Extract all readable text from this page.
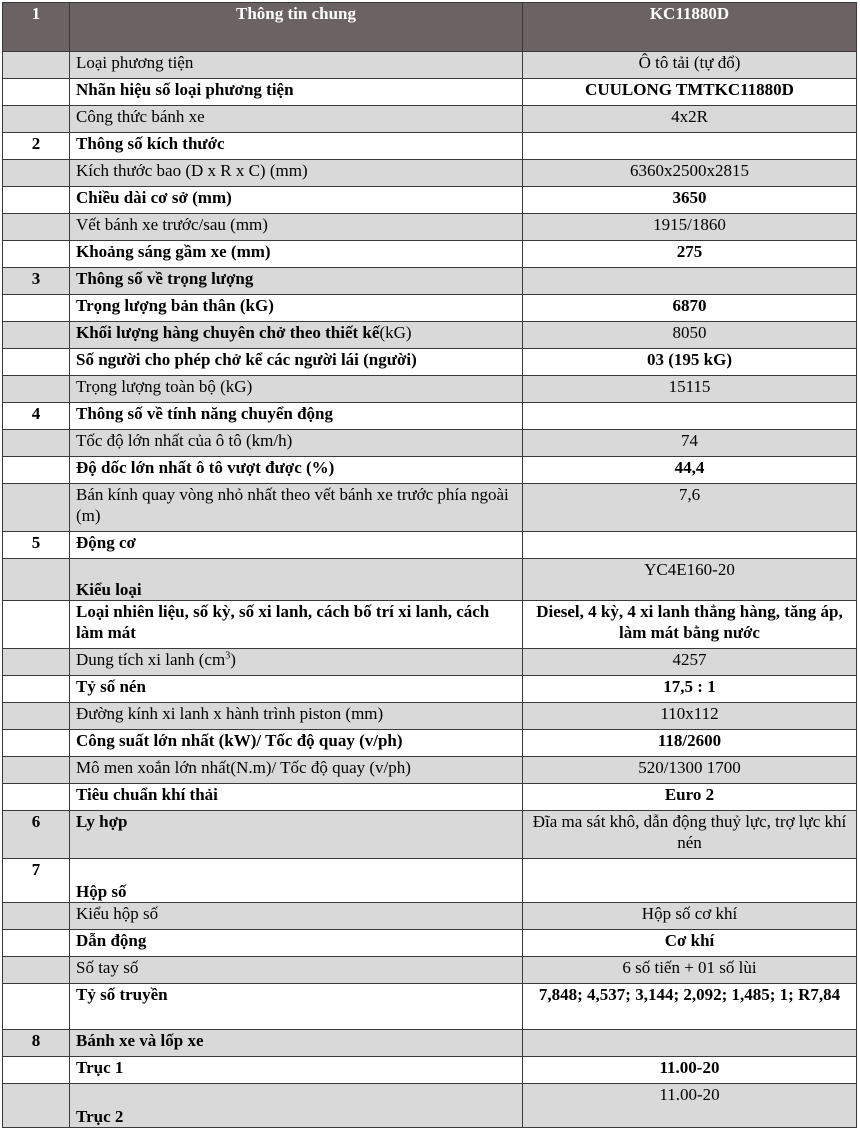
1	Thông tin chung	KC11880D
	Loại phương tiện	Ô tô tải (tự đổ)
	Nhãn hiệu số loại phương tiện	CUULONG TMTKC11880D
	Công thức bánh xe	4x2R
2	Thông số kích thước	
	Kích thước bao (D x R x C) (mm)	6360x2500x2815
	Chiều dài cơ sở (mm)	3650
	Vết bánh xe trước/sau (mm)	1915/1860
	Khoảng sáng gầm xe (mm)	275
3	Thông số về trọng lượng	
	Trọng lượng bản thân (kG)	6870
	Khối lượng hàng chuyên chở theo thiết kế(kG)	8050
	Số người cho phép chở kể các người lái (người)	03 (195 kG)
	Trọng lượng toàn bộ (kG)	15115
4	Thông số về tính năng chuyển động	
	Tốc độ lớn nhất của ô tô (km/h)	74
	Độ dốc lớn nhất ô tô vượt được (%)	44,4
	Bán kính quay vòng nhỏ nhất theo vết bánh xe trước phía ngoài (m)	7,6
5	Động cơ	
	Kiểu loại	YC4E160-20
	Loại nhiên liệu, số kỳ, số xi lanh, cách bố trí xi lanh, cách làm mát	Diesel, 4 kỳ, 4 xi lanh thẳng hàng, tăng áp, làm mát bằng nước
	Dung tích xi lanh $(cm^3)$	4257
	Tỷ số nén	17,5 : 1
	Đường kính xi lanh x hành trình piston (mm)	110x112
	Công suất lớn nhất (kW)/ Tốc độ quay (v/ph)	118/2600
	Mô men xoắn lớn nhất(N.m)/ Tốc độ quay (v/ph)	520/1300 1700
	Tiêu chuẩn khí thải	Euro 2
6	Ly hợp	Đĩa ma sát khô, dẫn động thuỷ lực, trợ lực khí nén
7	Hộp số	
	Kiểu hộp số	Hộp số cơ khí
	Dẫn động	Cơ khí
	Số tay số	6 số tiến + 01 số lùi
	Tỷ số truyền	7,848; 4,537; 3,144; 2,092; 1,485; 1; R7,84
8	Bánh xe và lốp xe	
	Trục 1	11.00-20
	Trục 2	11.00-20
